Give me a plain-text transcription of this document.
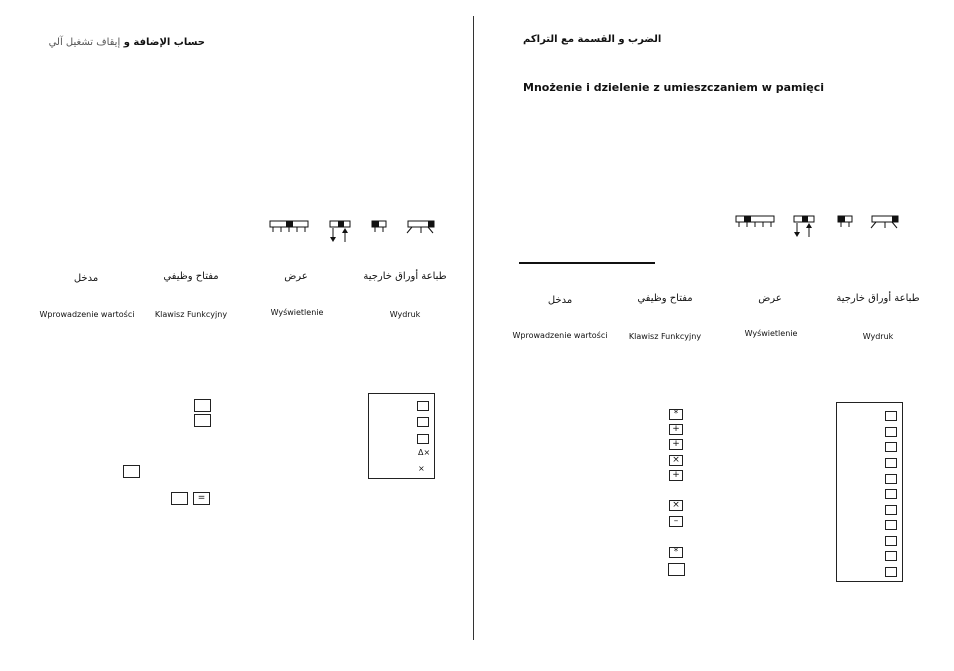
حساب الإضافة و إيقاف تشغيل آلي
مدخل	مفتاح وظيفي	عرض	طباعة أوراق خارجية
Wprowadzenie wartości	Klawisz Funkcyjny	Wyświetlenie	Wydruk
=
Δ×
×
الضرب و القسمة مع التراكم
Mnożenie i dzielenie z umieszczaniem w pamięci
مدخل	مفتاح وظيفي	عرض	طباعة أوراق خارجية
Wprowadzenie wartości	Klawisz Funkcyjny	Wyświetlenie	Wydruk
*
+
+
×
+
×
–
*
